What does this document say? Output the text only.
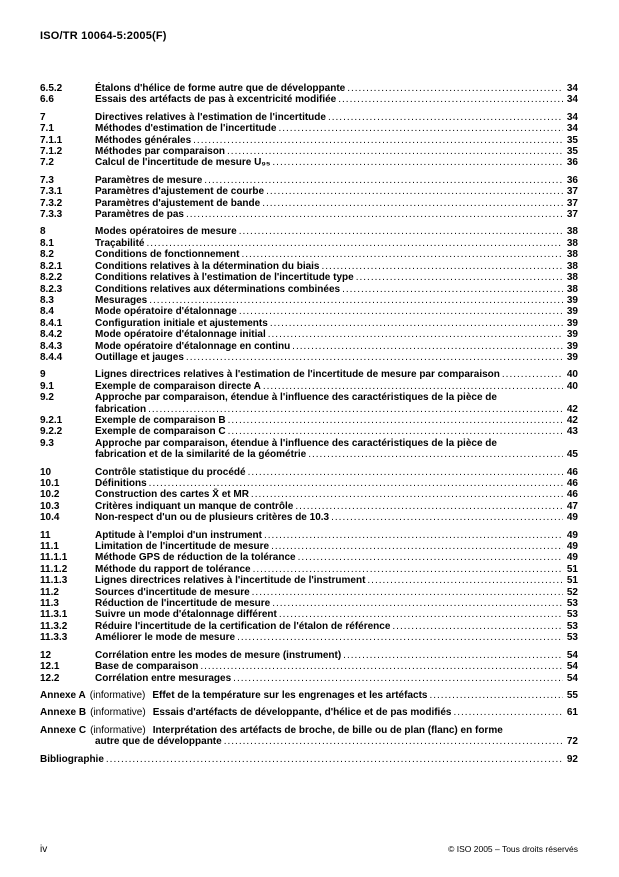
ISO/TR 10064-5:2005(F)
6.5.2	Étalons d'hélice de forme autre que de développante .....	34
6.6	Essais des artéfacts de pas à excentricité modifiée .....	34
7	Directives relatives à l'estimation de l'incertitude .....	34
7.1	Méthodes d'estimation de l'incertitude .....	34
7.1.1	Méthodes générales .....	35
7.1.2	Méthodes par comparaison .....	35
7.2	Calcul de l'incertitude de mesure U₉₅ .....	36
7.3	Paramètres de mesure .....	36
7.3.1	Paramètres d'ajustement de courbe .....	37
7.3.2	Paramètres d'ajustement de bande .....	37
7.3.3	Paramètres de pas .....	37
8	Modes opératoires de mesure .....	38
8.1	Traçabilité .....	38
8.2	Conditions de fonctionnement .....	38
8.2.1	Conditions relatives à la détermination du biais .....	38
8.2.2	Conditions relatives à l'estimation de l'incertitude type .....	38
8.2.3	Conditions relatives aux déterminations combinées .....	38
8.3	Mesurages .....	39
8.4	Mode opératoire d'étalonnage .....	39
8.4.1	Configuration initiale et ajustements .....	39
8.4.2	Mode opératoire d'étalonnage initial .....	39
8.4.3	Mode opératoire d'étalonnage en continu .....	39
8.4.4	Outillage et jauges .....	39
9	Lignes directrices relatives à l'estimation de l'incertitude de mesure par comparaison .....	40
9.1	Exemple de comparaison directe A .....	40
9.2	Approche par comparaison, étendue à l'influence des caractéristiques de la pièce de
fabrication .....	42
9.2.1	Exemple de comparaison B .....	42
9.2.2	Exemple de comparaison C .....	43
9.3	Approche par comparaison, étendue à l'influence des caractéristiques de la pièce de
fabrication et de la similarité de la géométrie .....	45
10	Contrôle statistique du procédé .....	46
10.1	Définitions .....	46
10.2	Construction des cartes X̄ et MR .....	46
10.3	Critères indiquant un manque de contrôle .....	47
10.4	Non-respect d'un ou de plusieurs critères de 10.3 .....	49
11	Aptitude à l'emploi d'un instrument .....	49
11.1	Limitation de l'incertitude de mesure .....	49
11.1.1	Méthode GPS de réduction de la tolérance .....	49
11.1.2	Méthode du rapport de tolérance .....	51
11.1.3	Lignes directrices relatives à l'incertitude de l'instrument .....	51
11.2	Sources d'incertitude de mesure .....	52
11.3	Réduction de l'incertitude de mesure .....	53
11.3.1	Suivre un mode d'étalonnage différent .....	53
11.3.2	Réduire l'incertitude de la certification de l'étalon de référence .....	53
11.3.3	Améliorer le mode de mesure .....	53
12	Corrélation entre les modes de mesure (instrument) .....	54
12.1	Base de comparaison .....	54
12.2	Corrélation entre mesurages .....	54
Annexe A (informative) Effet de la température sur les engrenages et les artéfacts .....	55
Annexe B (informative) Essais d'artéfacts de développante, d'hélice et de pas modifiés .....	61
Annexe C (informative) Interprétation des artéfacts de broche, de bille ou de plan (flanc) en forme
autre que de développante .....	72
Bibliographie .....	92
iv	© ISO 2005 – Tous droits réservés
